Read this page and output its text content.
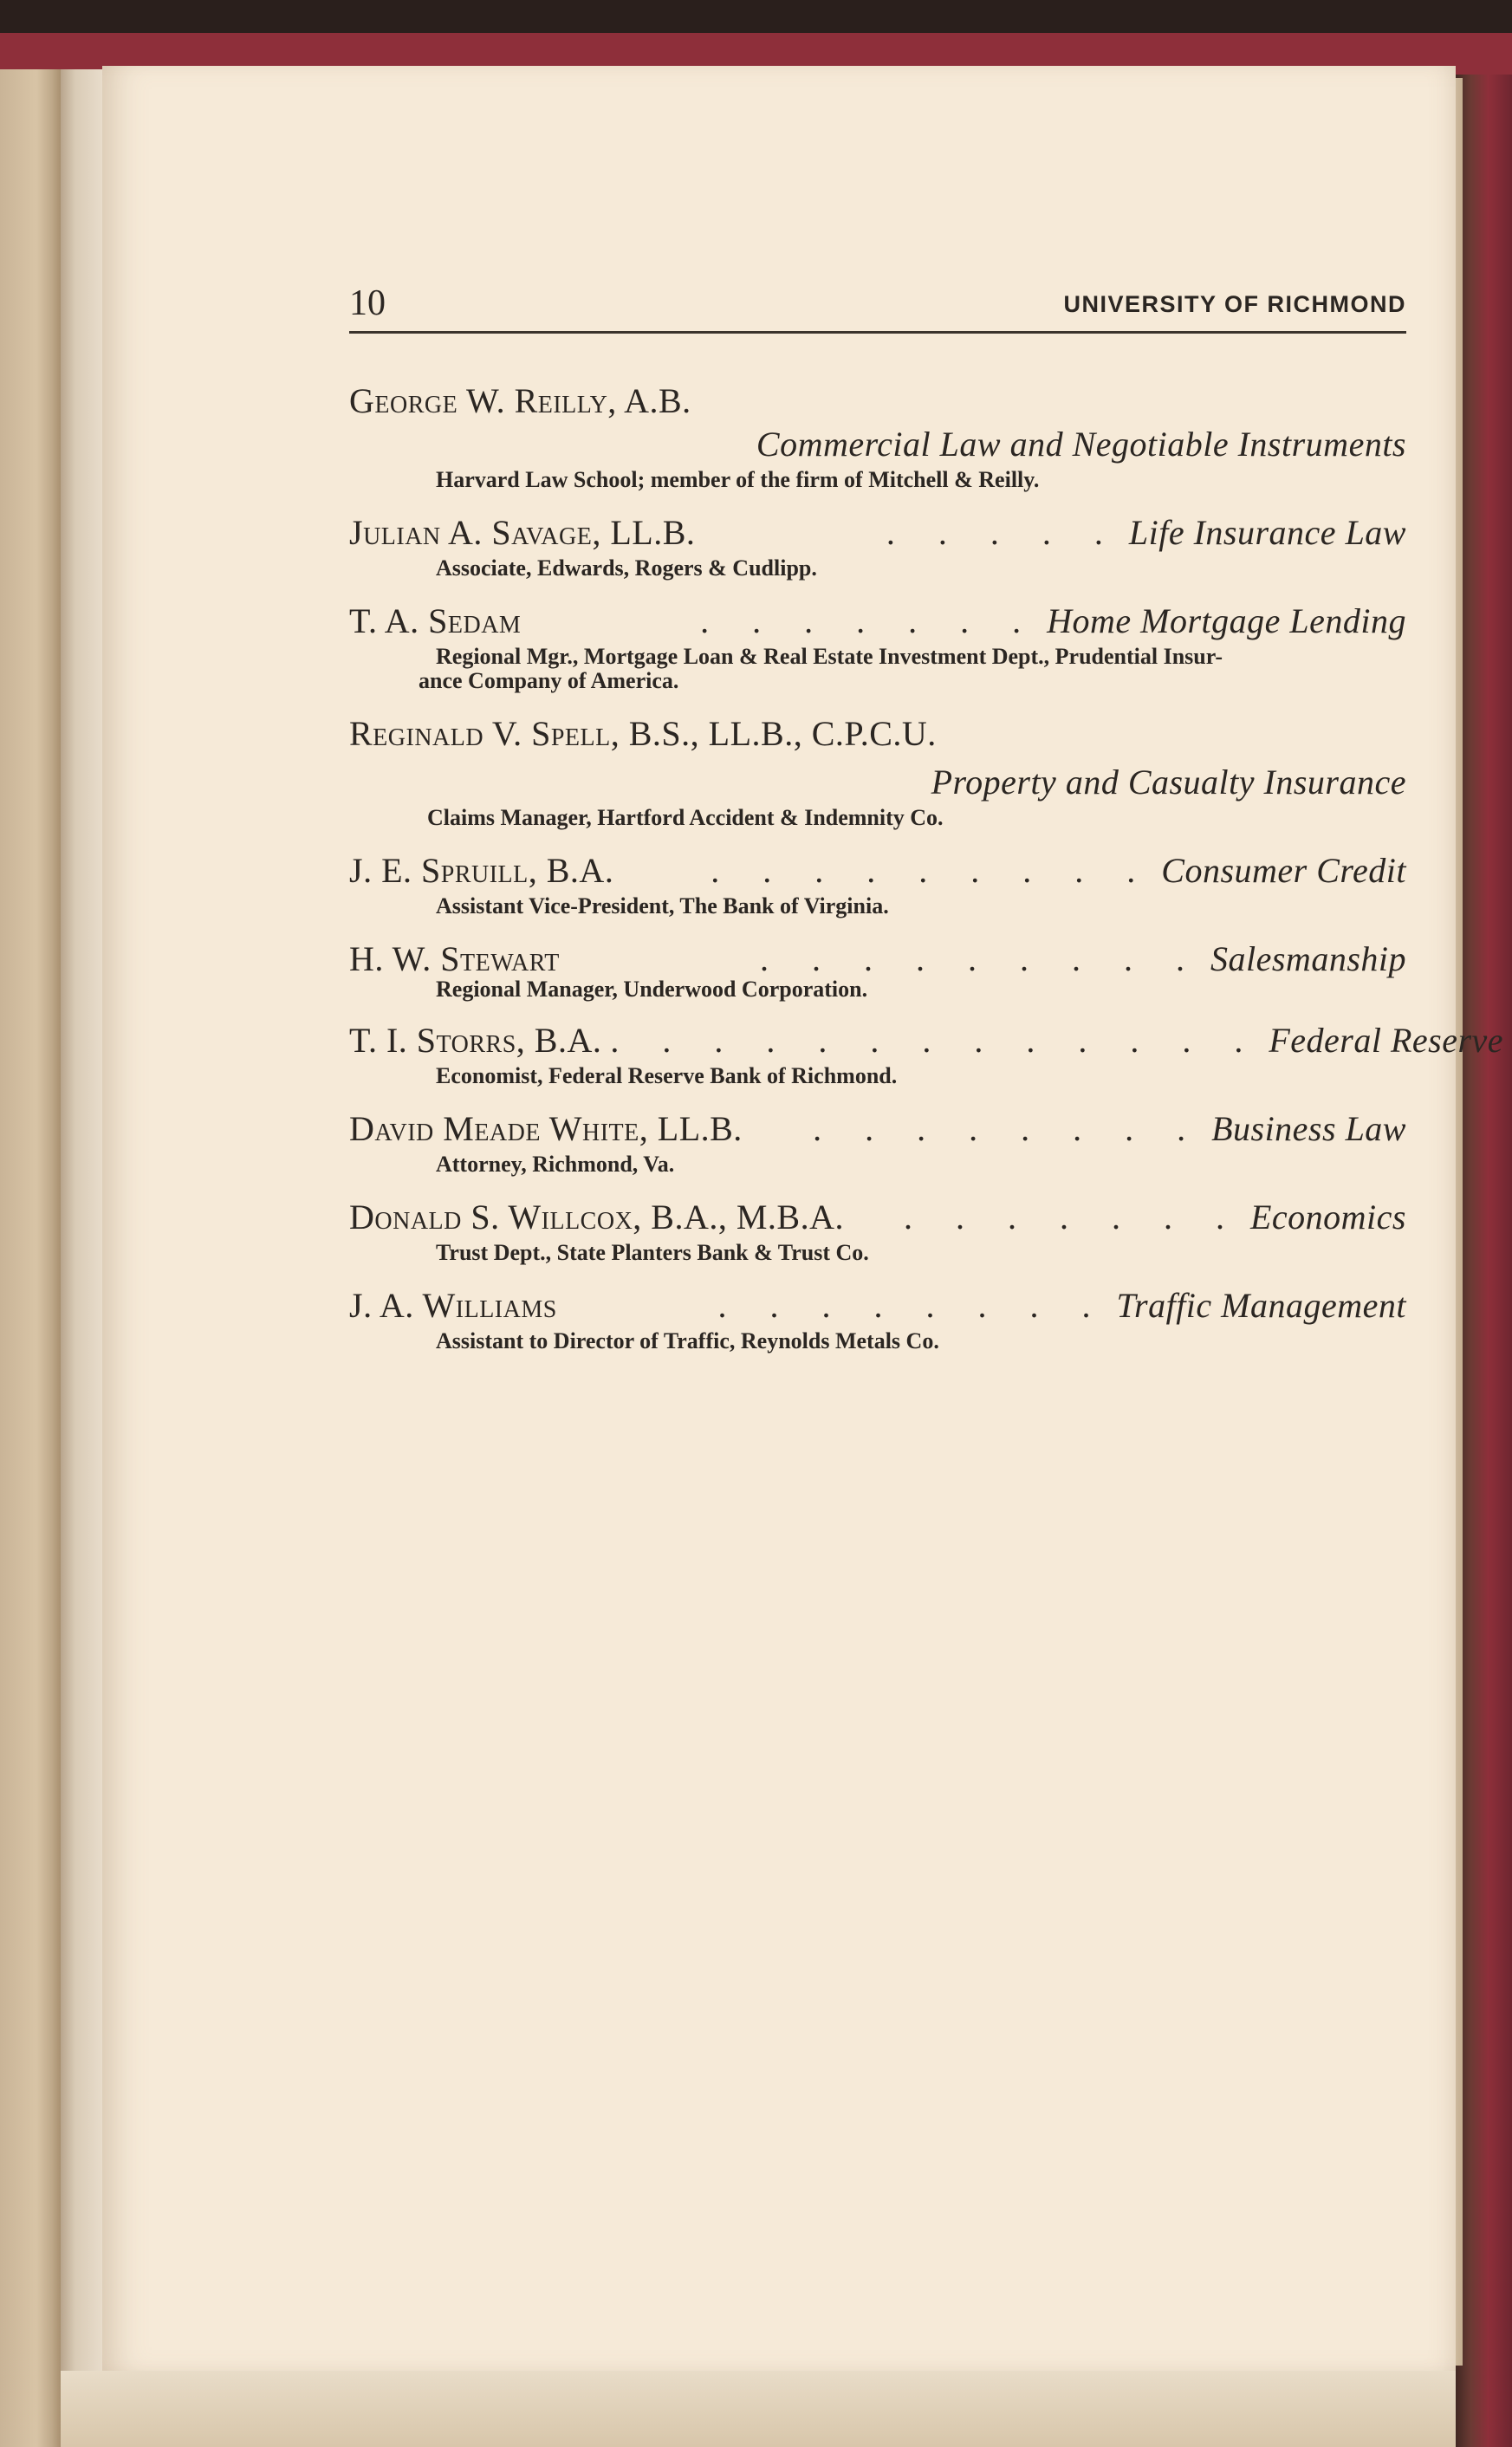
10	UNIVERSITY OF RICHMOND
George W. Reilly, A.B.
Commercial Law and Negotiable Instruments
Harvard Law School; member of the firm of Mitchell & Reilly.
Julian A. Savage, LL.B.	. . . . . Life Insurance Law
Associate, Edwards, Rogers & Cudlipp.
T. A. Sedam	. . . . . . . Home Mortgage Lending
Regional Mgr., Mortgage Loan & Real Estate Investment Dept., Prudential Insur-
ance Company of America.
Reginald V. Spell, B.S., LL.B., C.P.C.U.
Property and Casualty Insurance
Claims Manager, Hartford Accident & Indemnity Co.
J. E. Spruill, B.A.	. . . . . . . . . Consumer Credit
Assistant Vice-President, The Bank of Virginia.
H. W. Stewart	. . . . . . . . . Salesmanship
Regional Manager, Underwood Corporation.
T. I. Storrs, B.A. . . . . . . . . . . . . . Federal Reserve
Economist, Federal Reserve Bank of Richmond.
David Meade White, LL.B.	. . . . . . . . Business Law
Attorney, Richmond, Va.
Donald S. Willcox, B.A., M.B.A.	. . . . . . . Economics
Trust Dept., State Planters Bank & Trust Co.
J. A. Williams	. . . . . . . . Traffic Management
Assistant to Director of Traffic, Reynolds Metals Co.
